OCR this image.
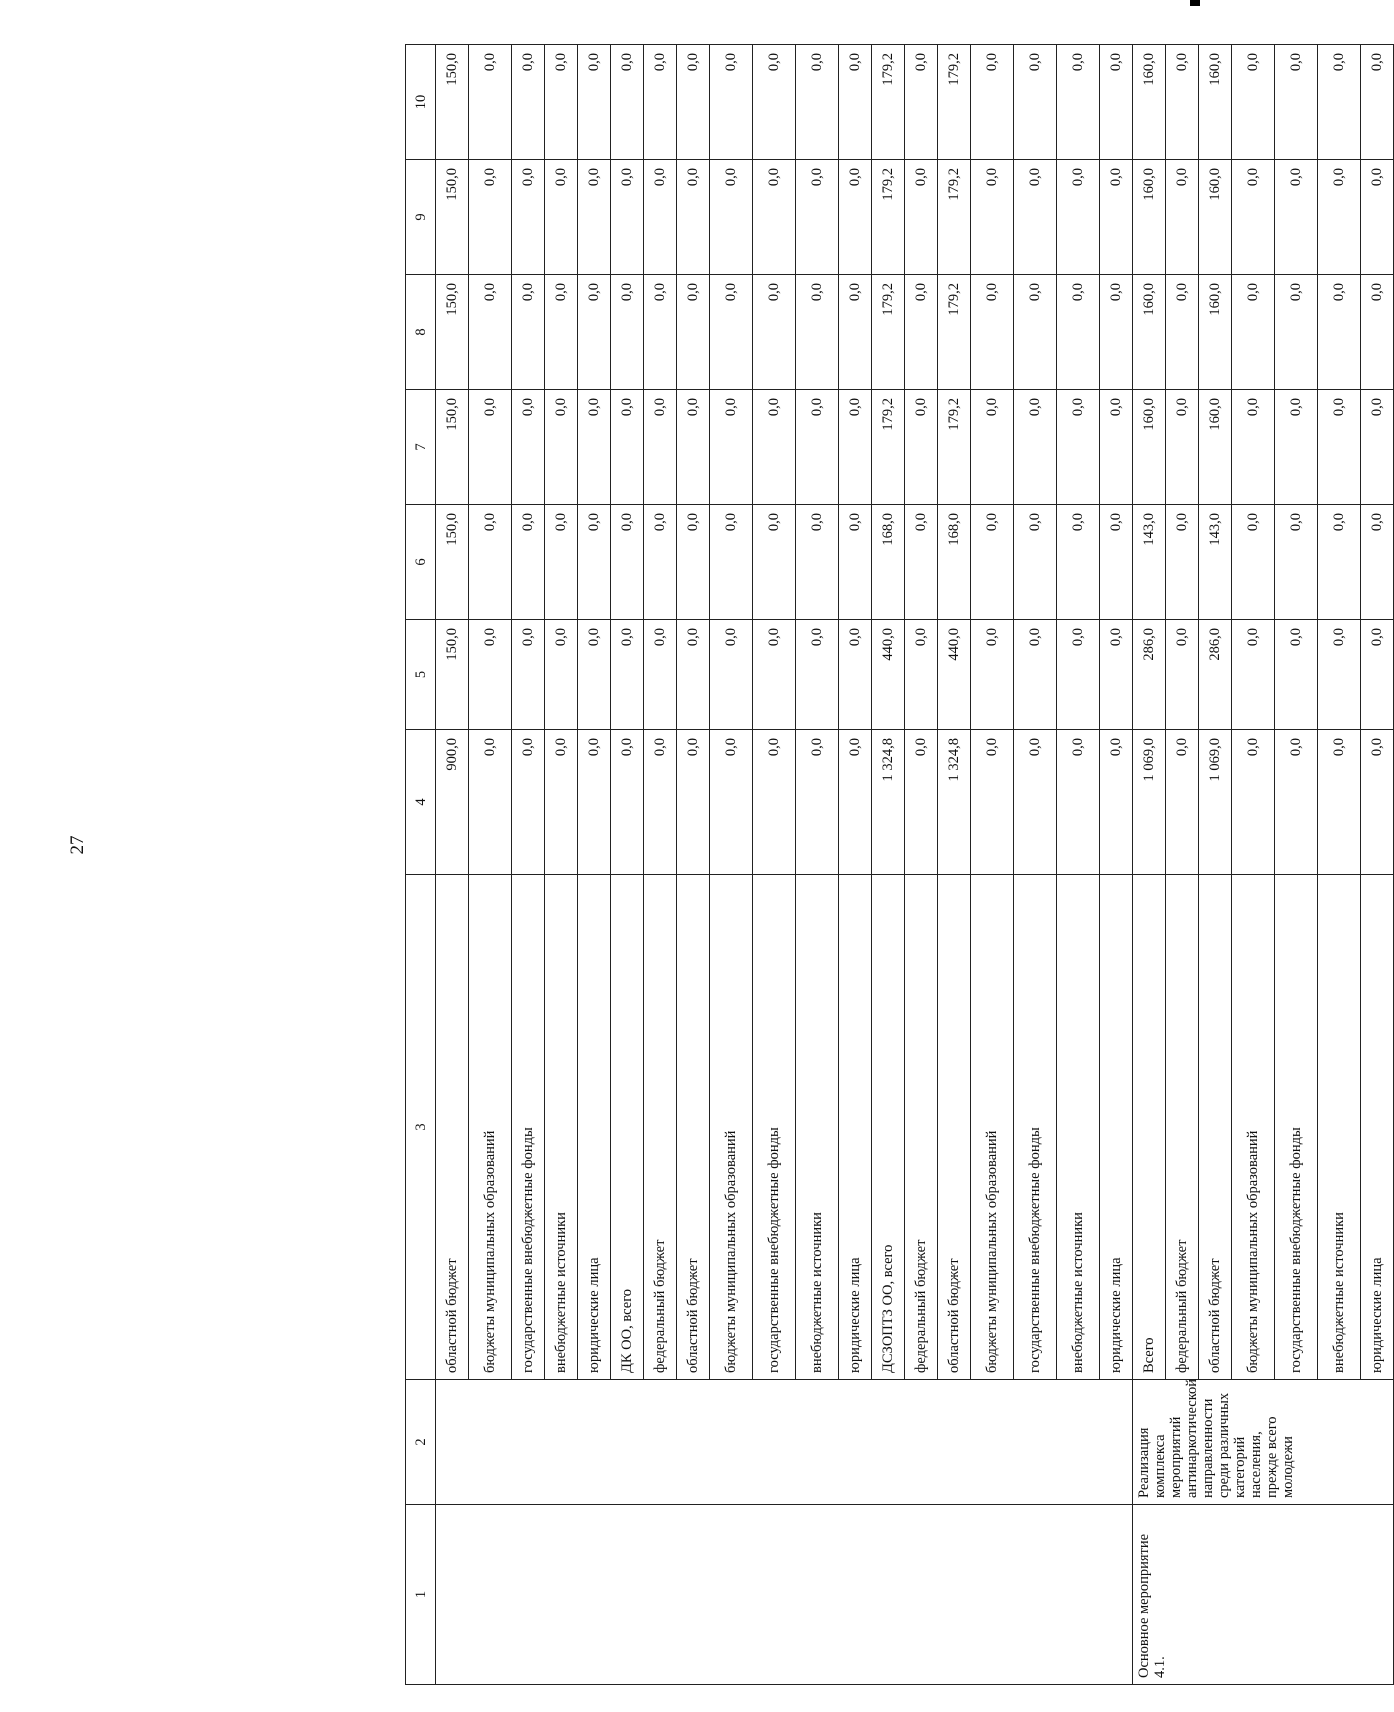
27
1	2	3	4	5	6	7	8	9	10
		областной бюджет	900,0	150,0	150,0	150,0	150,0	150,0	150,0
		бюджеты муниципальных образований	0,0	0,0	0,0	0,0	0,0	0,0	0,0
		государственные внебюджетные фонды	0,0	0,0	0,0	0,0	0,0	0,0	0,0
		внебюджетные источники	0,0	0,0	0,0	0,0	0,0	0,0	0,0
		юридические лица	0,0	0,0	0,0	0,0	0,0	0,0	0,0
		ДК ОО, всего	0,0	0,0	0,0	0,0	0,0	0,0	0,0
		федеральный бюджет	0,0	0,0	0,0	0,0	0,0	0,0	0,0
		областной бюджет	0,0	0,0	0,0	0,0	0,0	0,0	0,0
		бюджеты муниципальных образований	0,0	0,0	0,0	0,0	0,0	0,0	0,0
		государственные внебюджетные фонды	0,0	0,0	0,0	0,0	0,0	0,0	0,0
		внебюджетные источники	0,0	0,0	0,0	0,0	0,0	0,0	0,0
		юридические лица	0,0	0,0	0,0	0,0	0,0	0,0	0,0
		ДСЗОПТЗ ОО, всего	1 324,8	440,0	168,0	179,2	179,2	179,2	179,2
		федеральный бюджет	0,0	0,0	0,0	0,0	0,0	0,0	0,0
		областной бюджет	1 324,8	440,0	168,0	179,2	179,2	179,2	179,2
		бюджеты муниципальных образований	0,0	0,0	0,0	0,0	0,0	0,0	0,0
		государственные внебюджетные фонды	0,0	0,0	0,0	0,0	0,0	0,0	0,0
		внебюджетные источники	0,0	0,0	0,0	0,0	0,0	0,0	0,0
		юридические лица	0,0	0,0	0,0	0,0	0,0	0,0	0,0
Основное мероприятие 4.1.	Реализация комплекса мероприятий антинаркотической направленности среди различных категорий населения, прежде всего молодежи	Всего	1 069,0	286,0	143,0	160,0	160,0	160,0	160,0
		федеральный бюджет	0,0	0,0	0,0	0,0	0,0	0,0	0,0
		областной бюджет	1 069,0	286,0	143,0	160,0	160,0	160,0	160,0
		бюджеты муниципальных образований	0,0	0,0	0,0	0,0	0,0	0,0	0,0
		государственные внебюджетные фонды	0,0	0,0	0,0	0,0	0,0	0,0	0,0
		внебюджетные источники	0,0	0,0	0,0	0,0	0,0	0,0	0,0
		юридические лица	0,0	0,0	0,0	0,0	0,0	0,0	0,0
